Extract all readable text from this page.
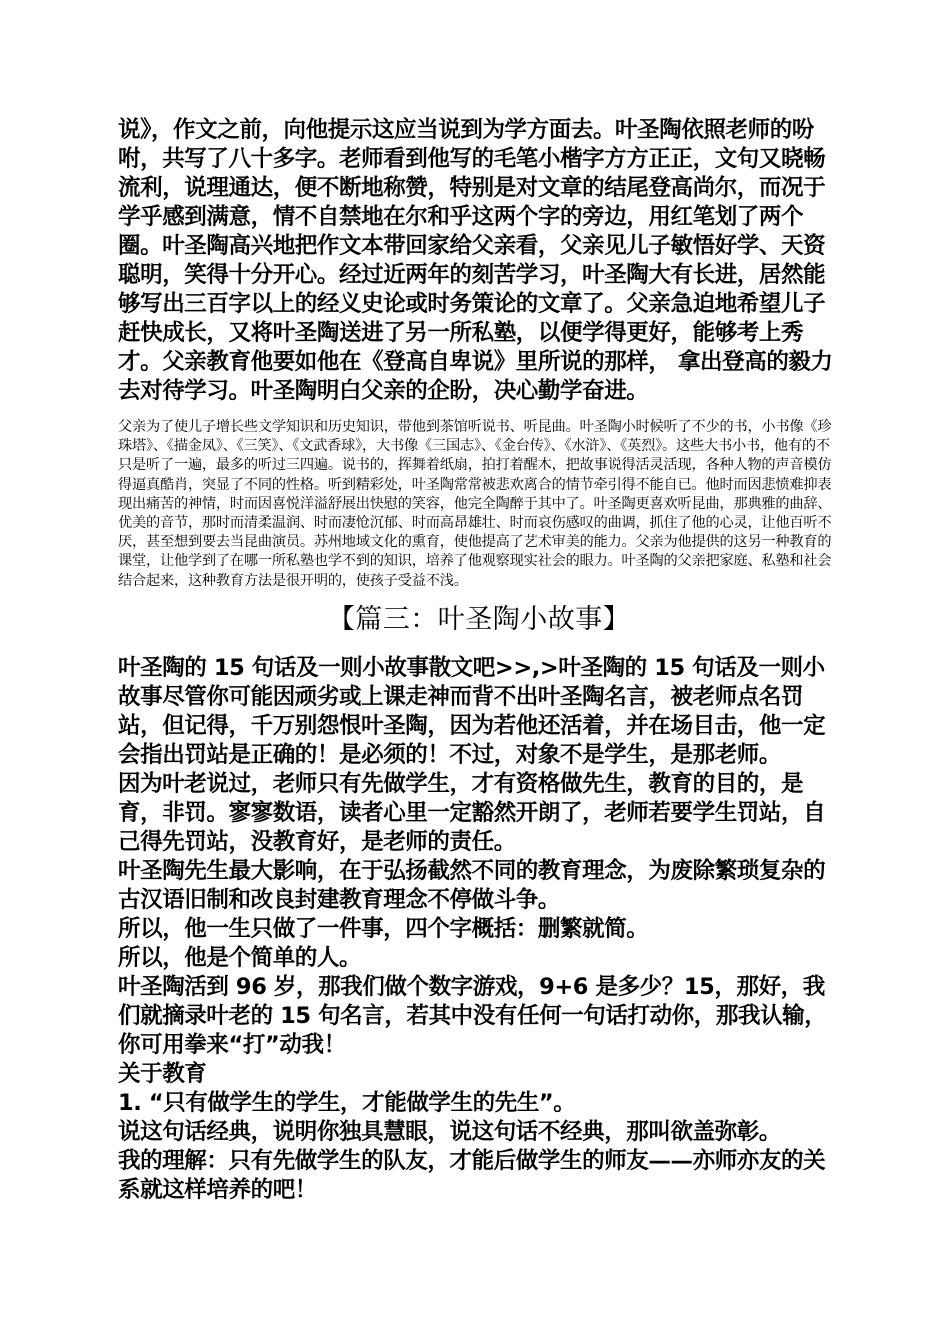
说》，作文之前，向他提示这应当说到为学方面去。叶圣陶依照老师的吩咐，共写了八十多字。老师看到他写的毛笔小楷字方方正正，文句又晓畅流利，说理通达，便不断地称赞，特别是对文章的结尾登高尚尔，而况于学乎感到满意，情不自禁地在尔和乎这两个字的旁边，用红笔划了两个圈。叶圣陶高兴地把作文本带回家给父亲看，父亲见儿子敏悟好学、天资聪明，笑得十分开心。经过近两年的刻苦学习，叶圣陶大有长进，居然能够写出三百字以上的经义史论或时务策论的文章了。父亲急迫地希望儿子赶快成长，又将叶圣陶送进了另一所私塾，以便学得更好，能够考上秀才。父亲教育他要如他在《登高自卑说》里所说的那样， 拿出登高的毅力去对待学习。叶圣陶明白父亲的企盼，决心勤学奋进。

父亲为了使儿子增长些文学知识和历史知识，带他到茶馆听说书、听昆曲。叶圣陶小时候听了不少的书，小书像《珍珠塔》、《描金凤》、《三笑》、《文武香球》，大书像《三国志》、《金台传》、《水浒》、《英烈》。这些大书小书，他有的不只是听了一遍，最多的听过三四遍。说书的，挥舞着纸扇，拍打着醒木，把故事说得活灵活现，各种人物的声音模仿得逼真酷肖，突显了不同的性格。听到精彩处，叶圣陶常常被悲欢离合的情节牵引得不能自已。他时而因悲愤难抑表现出痛苦的神情，时而因喜悦洋溢舒展出快慰的笑容，他完全陶醉于其中了。叶圣陶更喜欢听昆曲，那典雅的曲辞、优美的音节，那时而清柔温润、时而凄怆沉郁、时而高昂雄壮、时而哀伤感叹的曲调，抓住了他的心灵，让他百听不厌，甚至想到要去当昆曲演员。苏州地域文化的熏育，使他提高了艺术审美的能力。父亲为他提供的这另一种教育的课堂，让他学到了在哪一所私塾也学不到的知识，培养了他观察现实社会的眼力。叶圣陶的父亲把家庭、私塾和社会结合起来，这种教育方法是很开明的，使孩子受益不浅。

【篇三：叶圣陶小故事】

叶圣陶的 15 句话及一则小故事散文吧>>,>叶圣陶的 15 句话及一则小故事尽管你可能因顽劣或上课走神而背不出叶圣陶名言，被老师点名罚站，但记得，千万别怨恨叶圣陶，因为若他还活着，并在场目击，他一定会指出罚站是正确的！是必须的！不过，对象不是学生，是那老师。

因为叶老说过，老师只有先做学生，才有资格做先生，教育的目的，是育，非罚。寥寥数语，读者心里一定豁然开朗了，老师若要学生罚站，自己得先罚站，没教育好，是老师的责任。

叶圣陶先生最大影响，在于弘扬截然不同的教育理念，为废除繁琐复杂的古汉语旧制和改良封建教育理念不停做斗争。

所以，他一生只做了一件事，四个字概括：删繁就简。

所以，他是个简单的人。

叶圣陶活到 96 岁，那我们做个数字游戏，9+6 是多少？15，那好，我们就摘录叶老的 15 句名言，若其中没有任何一句话打动你，那我认输，你可用拳来“打”动我！

关于教育

1. “只有做学生的学生，才能做学生的先生”。

说这句话经典，说明你独具慧眼，说这句话不经典，那叫欲盖弥彰。

我的理解：只有先做学生的队友，才能后做学生的师友——亦师亦友的关系就这样培养的吧！
